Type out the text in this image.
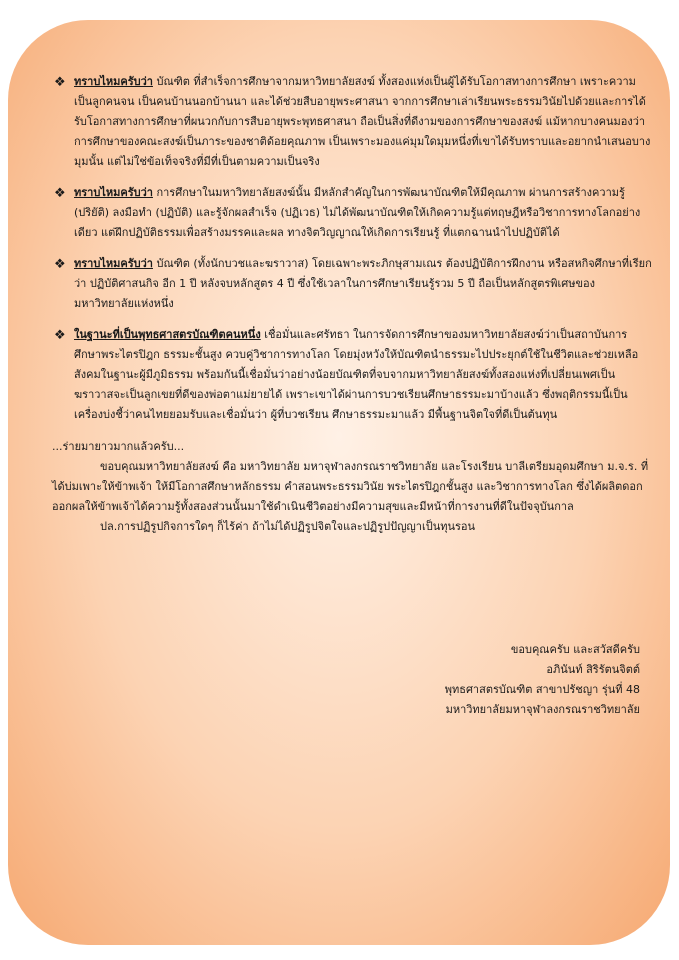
❖ ทราบไหมครับว่า บัณฑิต ที่สำเร็จการศึกษาจากมหาวิทยาลัยสงฆ์ ทั้งสองแห่งเป็นผู้ได้รับโอกาสทางการศึกษา เพราะความเป็นลูกคนจน เป็นคนบ้านนอกบ้านนา และได้ช่วยสืบอายุพระศาสนา จากการศึกษาเล่าเรียนพระธรรมวินัยไปด้วยและการได้รับโอกาสทางการศึกษาที่ผนวกกับการสืบอายุพระพุทธศาสนา ถือเป็นสิ่งที่ดีงามของการศึกษาของสงฆ์ แม้หากบางคนมองว่า การศึกษาของคณะสงฆ์เป็นภาระของชาติด้อยคุณภาพ เป็นเพราะมองแค่มุมใดมุมหนึ่งที่เขาได้รับทราบและอยากนำเสนอบางมุมนั้น แต่ไม่ใช่ข้อเท็จจริงที่มีที่เป็นตามความเป็นจริง
❖ ทราบไหมครับว่า การศึกษาในมหาวิทยาลัยสงฆ์นั้น มีหลักสำคัญในการพัฒนาบัณฑิตให้มีคุณภาพ ผ่านการสร้างความรู้ (ปริยัติ) ลงมือทำ (ปฏิบัติ) และรู้จักผลสำเร็จ (ปฏิเวธ) ไม่ได้พัฒนาบัณฑิตให้เกิดความรู้แต่ทฤษฎีหรือวิชาการทางโลกอย่างเดียว แต่ฝึกปฏิบัติธรรมเพื่อสร้างมรรคและผล ทางจิตวิญญาณให้เกิดการเรียนรู้ ที่แตกฉานนำไปปฏิบัติได้
❖ ทราบไหมครับว่า บัณฑิต (ทั้งนักบวชและฆราวาส) โดยเฉพาะพระภิกษุสามเณร ต้องปฏิบัติการฝึกงาน หรือสหกิจศึกษาที่เรียกว่า ปฏิบัติศาสนกิจ อีก 1 ปี หลังจบหลักสูตร 4 ปี ซึ่งใช้เวลาในการศึกษาเรียนรู้รวม 5 ปี ถือเป็นหลักสูตรพิเศษของมหาวิทยาลัยแห่งหนึ่ง
❖ ในฐานะที่เป็นพุทธศาสตรบัณฑิตคนหนึ่ง เชื่อมั่นและศรัทธา ในการจัดการศึกษาของมหาวิทยาลัยสงฆ์ว่าเป็นสถาบันการศึกษาพระไตรปิฎก ธรรมะชั้นสูง ควบคู่วิชาการทางโลก โดยมุ่งหวังให้บัณฑิตนำธรรมะไปประยุกต์ใช้ในชีวิตและช่วยเหลือสังคมในฐานะผู้มีภูมิธรรม พร้อมกันนี้เชื่อมั่นว่าอย่างน้อยบัณฑิตที่จบจากมหาวิทยาลัยสงฆ์ทั้งสองแห่งที่เปลี่ยนเพศเป็นฆราวาสจะเป็นลูกเขยที่ดีของพ่อตาแม่ยายได้ เพราะเขาได้ผ่านการบวชเรียนศึกษาธรรมะมาบ้างแล้ว ซึ่งพฤติกรรมนี้เป็นเครื่องบ่งชี้ว่าคนไทยยอมรับและเชื่อมั่นว่า ผู้ที่บวชเรียน ศึกษาธรรมะมาแล้ว มีพื้นฐานจิตใจที่ดีเป็นต้นทุน

...ร่ายมายาวมากแล้วครับ...

ขอบคุณมหาวิทยาลัยสงฆ์ คือ มหาวิทยาลัย มหาจุฬาลงกรณราชวิทยาลัย และโรงเรียน บาลีเตรียมอุดมศึกษา ม.จ.ร. ที่ได้บ่มเพาะให้ข้าพเจ้า ให้มีโอกาสศึกษาหลักธรรม คำสอนพระธรรมวินัย พระไตรปิฎกชั้นสูง และวิชาการทางโลก ซึ่งได้ผลิตดอกออกผลให้ข้าพเจ้าได้ความรู้ทั้งสองส่วนนั้นมาใช้ดำเนินชีวิตอย่างมีความสุขและมีหน้าที่การงานที่ดีในปัจจุบันกาล

ปล.การปฏิรูปกิจการใดๆ ก็ไร้ค่า ถ้าไม่ได้ปฏิรูปจิตใจและปฏิรูปปัญญาเป็นทุนรอน

ขอบคุณครับ และสวัสดีครับ
อภินันท์ สิริรัตนจิตต์
พุทธศาสตรบัณฑิต สาขาปรัชญา รุ่นที่ 48
มหาวิทยาลัยมหาจุฬาลงกรณราชวิทยาลัย
